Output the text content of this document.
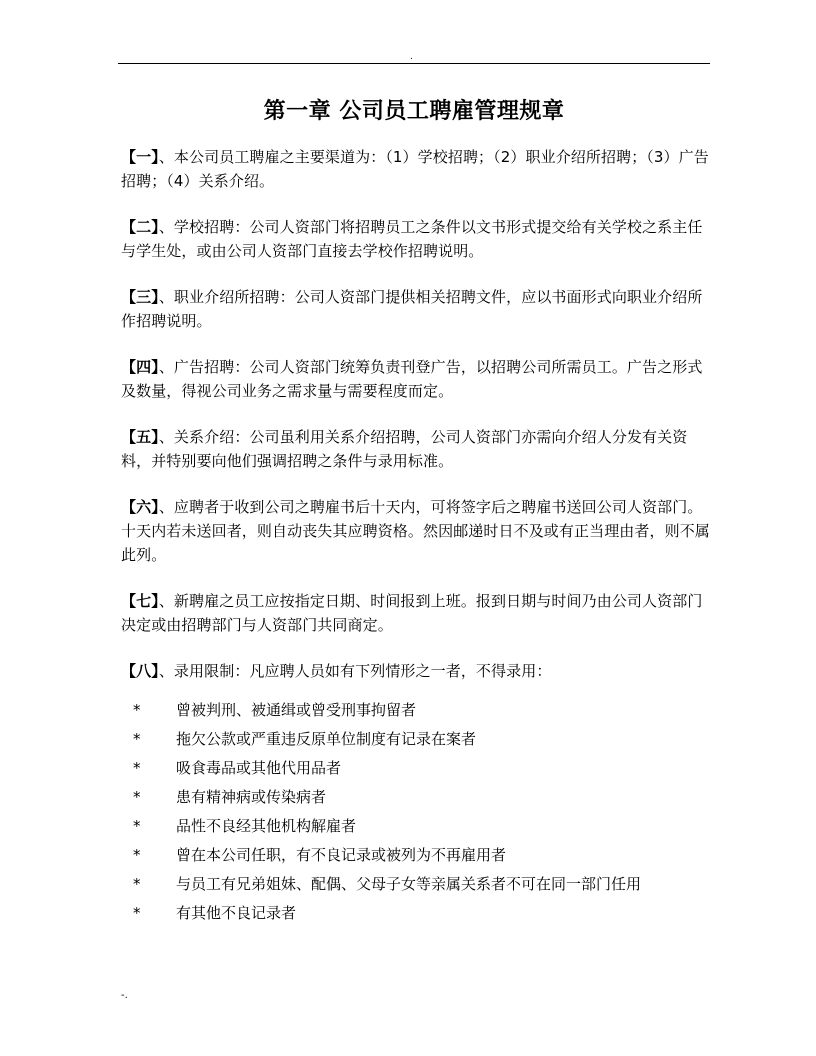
.
第一章 公司员工聘雇管理规章

【一】、本公司员工聘雇之主要渠道为：（1）学校招聘；（2）职业介绍所招聘；（3）广告招聘；（4）关系介绍。

【二】、学校招聘：公司人资部门将招聘员工之条件以文书形式提交给有关学校之系主任与学生处，或由公司人资部门直接去学校作招聘说明。

【三】、职业介绍所招聘：公司人资部门提供相关招聘文件，应以书面形式向职业介绍所作招聘说明。

【四】、广告招聘：公司人资部门统筹负责刊登广告，以招聘公司所需员工。广告之形式及数量，得视公司业务之需求量与需要程度而定。

【五】、关系介绍：公司虽利用关系介绍招聘，公司人资部门亦需向介绍人分发有关资料，并特别要向他们强调招聘之条件与录用标准。

【六】、应聘者于收到公司之聘雇书后十天内，可将签字后之聘雇书送回公司人资部门。十天内若未送回者，则自动丧失其应聘资格。然因邮递时日不及或有正当理由者，则不属此列。

【七】、新聘雇之员工应按指定日期、时间报到上班。报到日期与时间乃由公司人资部门决定或由招聘部门与人资部门共同商定。

【八】、录用限制：凡应聘人员如有下列情形之一者，不得录用：

* 曾被判刑、被通缉或曾受刑事拘留者
* 拖欠公款或严重违反原单位制度有记录在案者
* 吸食毒品或其他代用品者
* 患有精神病或传染病者
* 品性不良经其他机构解雇者
* 曾在本公司任职，有不良记录或被列为不再雇用者
* 与员工有兄弟姐妹、配偶、父母子女等亲属关系者不可在同一部门任用
* 有其他不良记录者
-.
